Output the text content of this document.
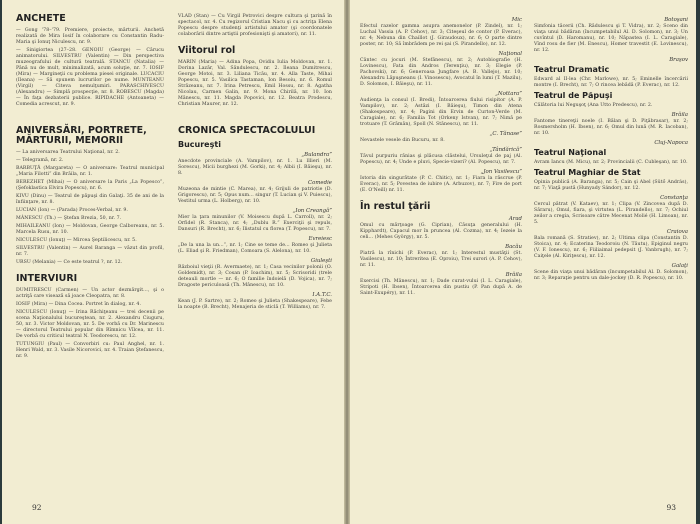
ANCHETE
— Gong '78–'79. Premiere, proiecte, mărturii. Anchetă realizată de Mira Iosif în colaborare cu Constantin Radu-Maria şi Ionuţ Niculescu, nr. 9.
— Sinigiortea (27–28. GENOIU (George) — Cărucu animatorului. SILVESTRU (Valentin) — Din perspectiva muzeografului de cultură teatrală. STANCU (Natalia) — Până nu de mult, minimalizată, acum soluţie, nr. 7. IOSIF (Mira) — Margineţii cu problema piesei originale. LUCACIU (Ileana) — Să spunem lucrurilor pe nume. MUNTEANU (Virgil) — Citeva nemulţumiri. PARASCHIVESCU (Alexandru) — Simplă prospecţie, nr. 8. ROBESCU (Magda) — În faţa dezbaterii publice. RIPIDACHE (Antoaneta) — Comedia acrescut, nr. 9.
ANIVERSĂRI, PORTRETE, MĂRTURII, MEMORII
— La aniversarea Teatrului Naţional, nr. 2.
— Telegramă, nr. 2.
BARBUŢĂ (Margareta) — O aniversare: Teatrul municipal „Maria Filotti” din Brăila, nr. 1.
BEREZHET (Mihai) — O aniversare la Paris „La Popesco”, (Şefoklastica Elvira Popescu), nr. 6.
KIVU (Dinu) — Teatrul de păpuşi din Galaţi. 35 de ani de la înfiinţare, nr. 8.
LUCIAN (Ion) — (Parada) Proces-Verbal, nr. 9.
MÂNESCU (Th.) — Ştefan Brezia, 50, nr. 7.
MIHAILEANU (Ion) — Moldovan, George Calboreanu, nr. 5. Marcela Rusu, nr. 10.
NICULESCU (Ionuţ) — Mircea Şeptilicescu, nr. 5.
SILVESTRU (Valentin) — Aurel Baranga — văzut din profil, nr. 7.
URSU (Melania) — Ce este teatrul ?, nr. 12.
INTERVIURI
DUMITRESCU (Carmen) — Un actor dezmărgit..., şi o actriţă care visează să joace Cleopatra, nr. 8.
IOSIF (Mira) — Dina Cocea. Portret în dialog, nr. 4.
NICULESCU (Ionuţ) — Irina Răchiţeanu — trei decenii pe scena Naţionalului bucureştean, nr. 2. Alexandru Ciuguru, 50, nr. 3. Victor Moldovan, nr. 5. De vorbă cu Dr. Marinescu — directorul Teatrului popular din Rîmnicu Vîlcea, nr. 11. De vorbă cu criticul teatral N. Teodorescu, nr. 12.
TUTUNGIU (Paul) — Convorbiri cu: Paul Anghel, nr. 1. Henri Wald, nr. 3. Vasile Nicorovici, nr. 4. Traian Ştefanescu, nr. 9.
VLAD (Stan) — Cu Virgil Petrovici despre cultura şi ţarină în spectacol, nr. 4. Cu regizorul Cristian Nacu şi cu actriţa Elena Popescu despre studenţi artistului amator (şi coordonatele colaborării dintre artiştii profesionişti şi amatori), nr. 11.
Viitorul rol
MARIN (Maria) — Adina Popa, Ovidiu Iulia Moldovan, nr. 1. Dorina Lazăr, Val. Săndulescu, nr. 2. Ileana Dumitrescu, George Motoi, nr. 3. Liliana Ticău, nr. 4. Alla Taste, Mihai Popescu, nr. 5. Vasilica Tastaman, Ion Besoiu, nr. 6. Romul Străzeanu, nr. 7. Irina Petrescu, Emil Hossu, nr. 8. Agatha Nicolau, Carmen Galin, nr. 9. Mona Chirilă, nr. 10. Ion Mânescu, nr. 11. Magda Popovici, nr. 12. Beatra Prodescu, Christian Maurer, nr. 12.
CRONICA SPECTACOLULUI
Bucureşti
„Bulandra”
Anecdote provinciale (A. Vampilov), nr. 1. Lu lllieri (M. Sorescu), Micii burghezi (M. Gorki), nr. 4; Albii (I. Băieşu), nr. 8.
Comedie
Muzeona de mintie (C. Marea), nr. 4; Grijuli de patriotie (D. Grigorescu), nr. 5; Opus num... singur (T. Lucian şi V. Puiescu), Vestitul urma (L. Holberg), nr. 10.
„Ion Creangă”
Mier la ţara minunilor (V. Moisescu după L. Carroll), nr. 2; Orfidel (R. Stanca), nr. 4; „Dublu R.” Exerciţii şi repuls, Dansuri (R. Brecht), nr. 6; Ilistatul cu florea (T. Popescu), nr. 7.
Evreiesc
„De la una la un...”, nr. 1; Cine se teme de... Romeo şi Julieta (L. Eliad şi R. Friedman), Comoara (S. Alelona), nr. 10.
Giuleşti
Războiul vieţii (R. Avermaete), nr. 1; Casa vecinilor polonii (O. Goldemidt), nr. 3; Cosan (P. Ioachim), nr. 5; Scrisoridi (trele deteauli mortle — nr. 6; O familie îndoielă (D. Vojica), nr. 7; Dragoste periculoasă (Th. Mânescu), nr. 10.
I.A.T.C.
Kean (J. P. Sartre), nr. 2; Romeo şi Julieta (Shakespeare), Febe la noapte (B. Brecht), Menajeria de sticlă (T. Williams), nr. 7.
92
Mic
Efectul razelor gamma asupra anemonelor (P. Zindel), nr. 1; Luchal Vassia (A. P. Cehov), nr. 3; Citeşeul de contor (P. Everac), nr. 4; Nebuna din Chaillot (J. Giraudoux), nr. 6; O parte dintre poster, nr. 10; Să îmbrădem pe rei şai (S. Pirandello), nr. 12.
Naţional
Cântec cu jocuri (M. Stefănescu), nr. 2; Autobiografie (H. Lovinescu), Fata din Andros (Terenţiu), nr. 3; Elegie (P. Pachovski), nr. 6; Generoasa Jungfare (A. B. Vallejo), nr. 10; Alexandru Lăpuşneanu (I. Vinosescu), Avocatul în lumi (T. Mazilu), D. Solomon, I. Băieşu), nr. 11.
„Nottara”
Audienţa la consul (I. Bredi), Întoarcerea fiului risipitor (A. P. Vampilov), nr. 2; Astăzi (I. Băieşu), Timon din Atena (Shakespeare), nr. 4; Pagini din Ervin de Curton-Verde (M. Caragiale), nr. 6; Familia Tot (Orkeny Istvan), nr. 7; Nimă pe trotuare (T. Grămân), Spoll (N. Stănescu), nr. 11.
„C. Tănase”
Nevastele vesele din Bucuru, nr. 8.
„Tândărică”
Tăvul purpuriu rănias şi plăcusa clăstelui, Ursuleţul de paj (Al. Popescu), nr. 4; Unde e pluvi, Specie-vizeri? (Al. Popescu), nr. 7.
„Jon Vasilescu”
Istoria din singurătate (P. C. Chitic), nr. 1; Fiara la răscrue (P. Everac), nr. 5; Povestea de iubire (A. Arbuzov), nr. 7; Fire de port (E. O'Neill) nr. 11.
În restul ţării
Arad
Omul cu mărţoage (G. Ciprian), Căsuţa generalului (H. Kipphardt), Capacul mor în pruncea (Al. Cozma), nr. 4; Iezeie la celi... (Mehes György), nr. 5.
Bacău
Piatră la rînichi (P. Everac), nr. 1; Interestul mustăţii (St. Vasilescu), nr. 10; Întreritea (E. Oproiu), Trei surori (A. P. Cehov), nr. 11.
Brăila
Exercisi (Th. Mânescu), nr. 1; Dade curat-vului (I. L. Caragiale), Stripoti (H. Ibsen), Întoarcerea din pustiu (P. Pan după A. de Saint-Exupéry), nr. 11.
Botoşani
Simfonia tăcerii (Ch. Rădulescu şi T. Vidra), nr. 2; Sceno din viaţa unui bădăran (încumpetabilul Al. D. Solomon), nr. 3; Un cuvîntul (D. Haromanu), nr. 10; Năpastea (I. L. Caragiale), Vînd rosu de fier (M. Enescu), Homer travestit (E. Lovinescu), nr. 12.
Braşov
Teatrul Dramatic
Edward al II-lea (Chr. Marlowe), nr. 5; Eminelle încercării montre (I. Brecht), nr. 7; O rincea lebădă (P. Everac), nr. 12.
Teatrul de Păpuşi
Călătoria lui Neguşoţ (Ana Utto Predescu), nr. 2.
Brăila
Fantome tinereţii noele (I. Bălan şi D. Piţăbrasar), nr. 2; Rosmersholm (H. Ibsen), nr. 6; Omul din lună (M. R. Iacoban), nr. 10.
Cluj-Napoca
Teatrul Naţional
Avram Iancu (M. Micu), nr. 2; Provincialii (C. Cubleşan), nr. 10.
Teatrul Maghiar de Stat
Opinia publică (A. Baranga), nr. 5; Cain şi Abel (Sütő András), nr. 7; Viaţă pustă (Hunyady Sándor), nr. 12.
Constanţa
Cercul pătrat (V. Kataev), nr. 1; Clipa (V. Zincovea după D. Săraru), Omul, fiara, şi virtutea (L. Pirandello), nr. 7; Ochiul zeilor a cregia, Scrisoare către Mecenat Molié (H. Limoan), nr. 5.
Craiova
Bala romană (S. Stratiev), nr. 2; Ultima clipa (Constantin D. Stoica), nr. 4; Ecaterina Teodoroiu (N. Tăutu), Epiginul negru (V. F. Ionescu), nr. 6; Fiiliaimal pedepsit (J. Vanbrugh), nr. 7; Caiţele (Al. Kiriţescu), nr. 12.
Galaţi
Scene din viaţa unui bădăran (încumpetabilul Al. D. Solomon), nr. 3; Reparaţie pentru un dale-jockey (D. R. Popescu), nr. 10.
93
